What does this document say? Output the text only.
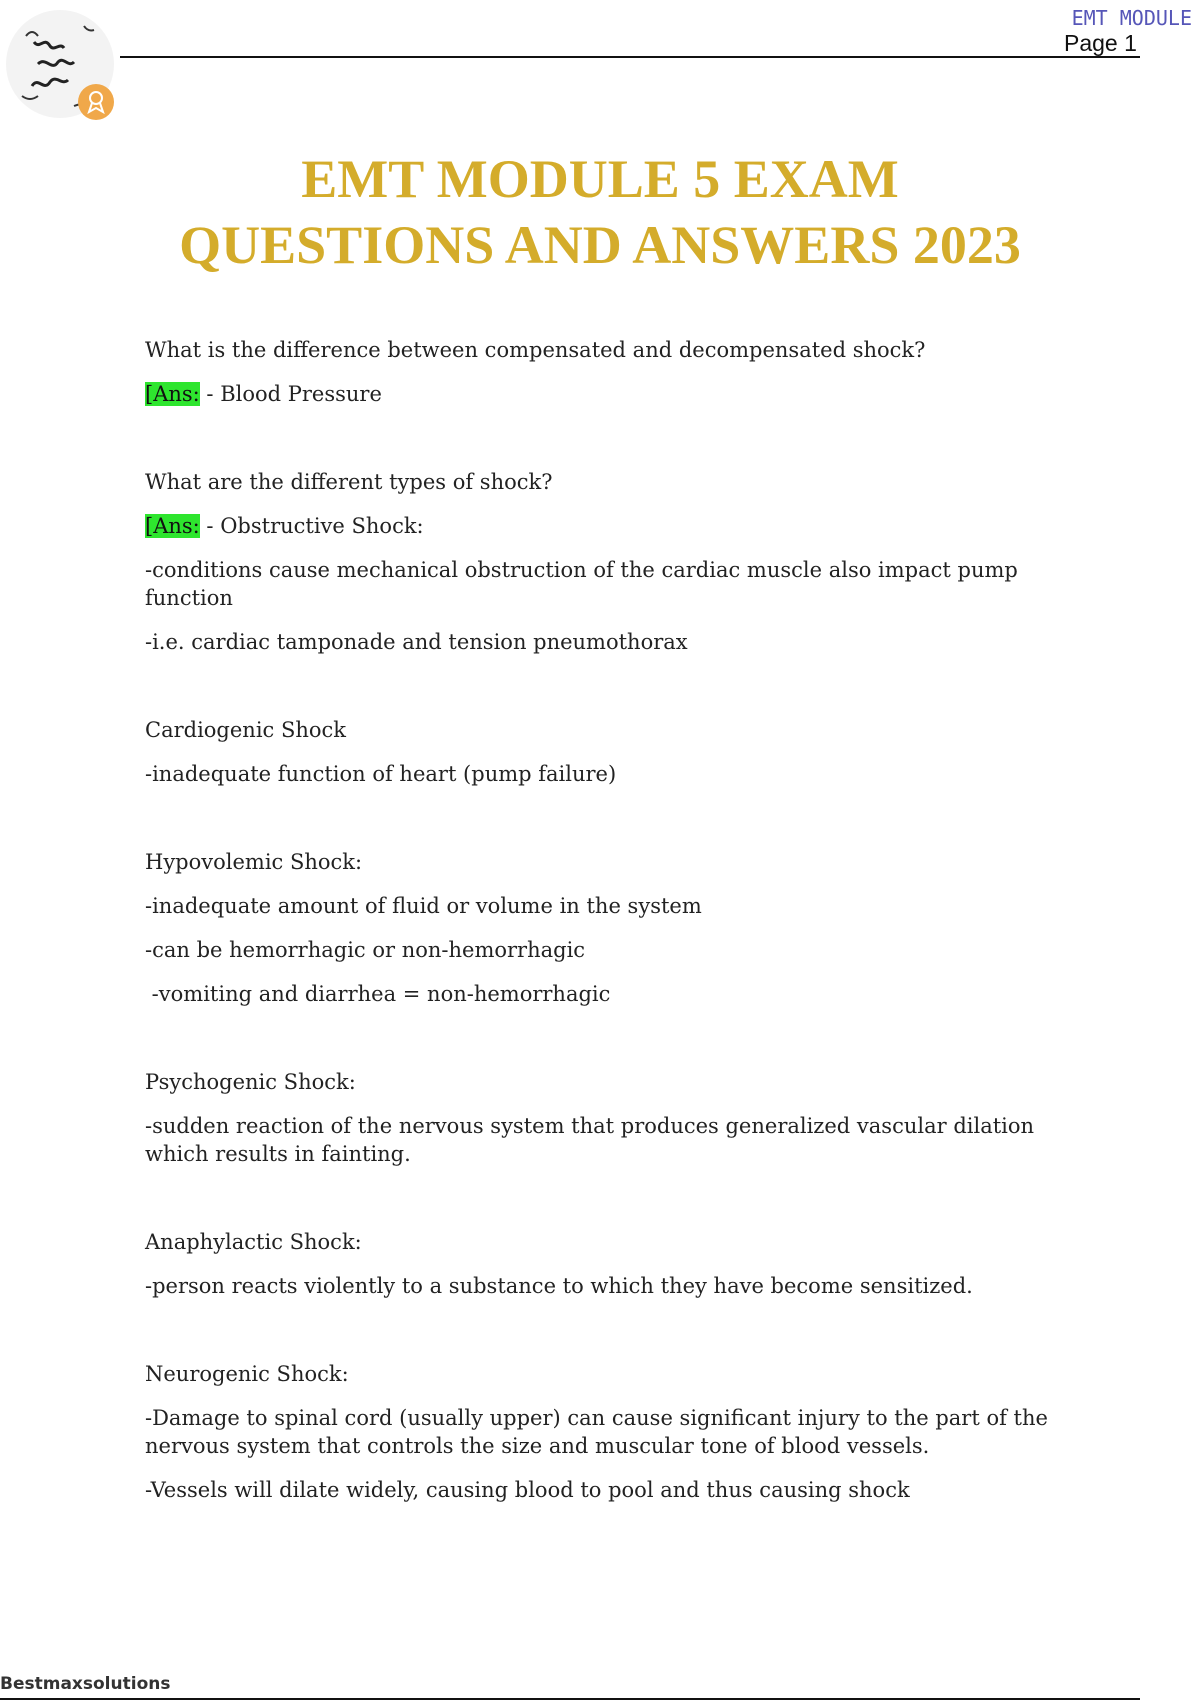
EMT MODULE
Page 1
EMT MODULE 5 EXAM
QUESTIONS AND ANSWERS 2023

What is the difference between compensated and decompensated shock?

[Ans: - Blood Pressure

What are the different types of shock?

[Ans: - Obstructive Shock:

-conditions cause mechanical obstruction of the cardiac muscle also impact pump function

-i.e. cardiac tamponade and tension pneumothorax

Cardiogenic Shock

-inadequate function of heart (pump failure)

Hypovolemic Shock:

-inadequate amount of fluid or volume in the system

-can be hemorrhagic or non-hemorrhagic

-vomiting and diarrhea = non-hemorrhagic

Psychogenic Shock:

-sudden reaction of the nervous system that produces generalized vascular dilation which results in fainting.

Anaphylactic Shock:

-person reacts violently to a substance to which they have become sensitized.

Neurogenic Shock:

-Damage to spinal cord (usually upper) can cause significant injury to the part of the nervous system that controls the size and muscular tone of blood vessels.

-Vessels will dilate widely, causing blood to pool and thus causing shock

Bestmaxsolutions
